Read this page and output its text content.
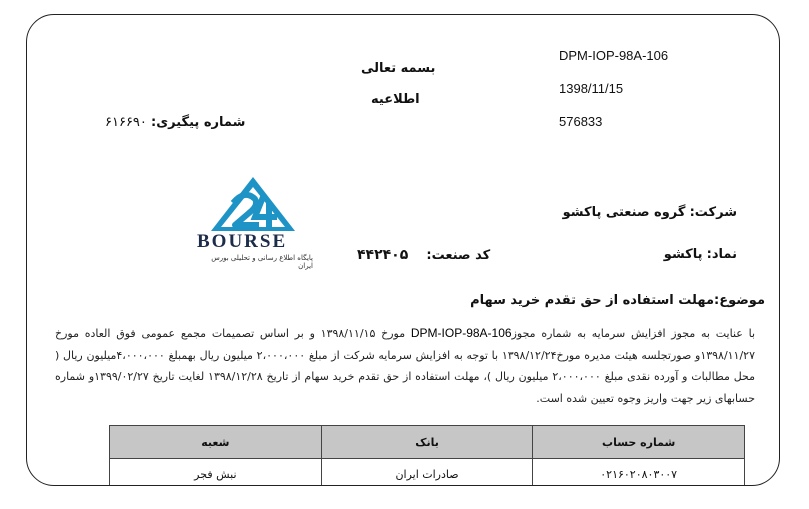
بسمه تعالی
اطلاعیه
DPM-IOP-98A-106
1398/11/15
576833
شماره پیگیری: ۶۱۶۶۹۰
BOURSE
پایگاه اطلاع رسانی و تحلیلی بورس ایران
شرکت: گروه صنعتی پاکشو
نماد: پاکشو
کد صنعت: ۴۴۲۴۰۵
موضوع:مهلت استفاده از حق تقدم خرید سهام
با عنایت به مجوز افزایش سرمایه به شماره مجوزDPM-IOP-98A-106 مورخ ۱۳۹۸/۱۱/۱۵ و بر اساس تصمیمات مجمع عمومی فوق العاده مورخ ۱۳۹۸/۱۱/۲۷و صورتجلسه هیئت مدیره مورخ۱۳۹۸/۱۲/۲۴ با توجه به افزایش سرمایه شرکت از مبلغ ۲،۰۰۰،۰۰۰ میلیون ریال بهمبلغ ۴،۰۰۰،۰۰۰میلیون ریال ( محل مطالبات و آورده نقدی مبلغ ۲،۰۰۰،۰۰۰ میلیون ریال )، مهلت استفاده از حق تقدم خرید سهام از تاریخ ۱۳۹۸/۱۲/۲۸ لغایت تاریخ ۱۳۹۹/۰۲/۲۷و شماره حسابهای زیر جهت واریز وجوه تعیین شده است.
شماره حساب	بانک	شعبه
۰۲۱۶۰۲۰۸۰۳۰۰۷	صادرات ایران	نبش فجر
